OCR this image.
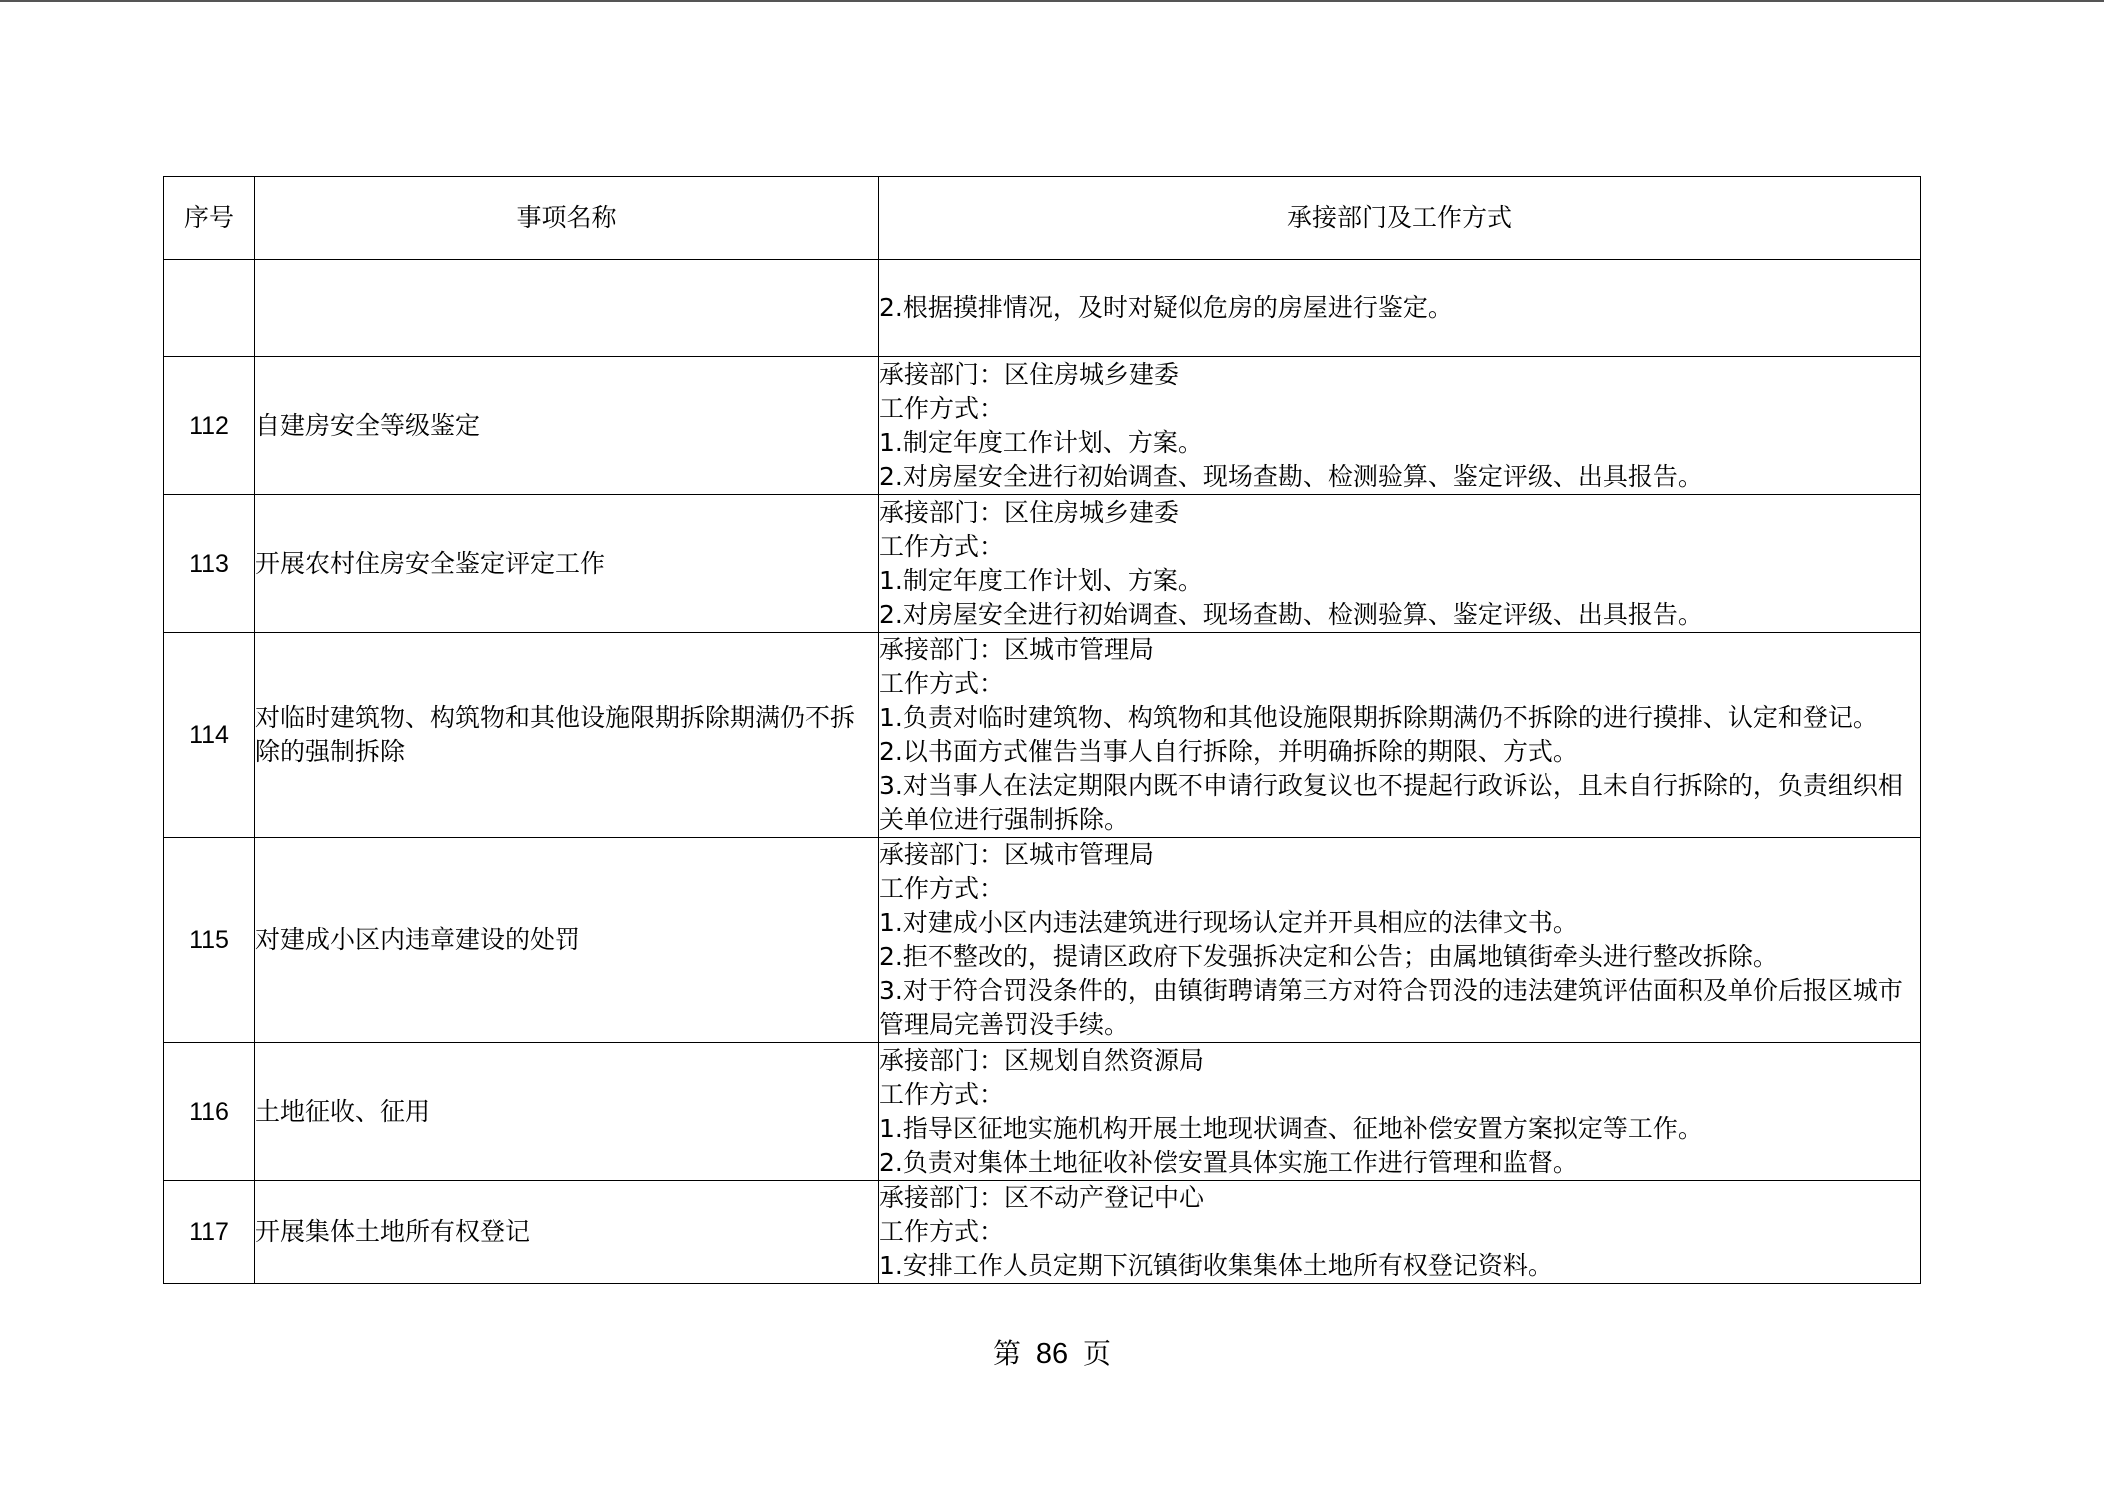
序号	事项名称	承接部门及工作方式

		2.根据摸排情况，及时对疑似危房的房屋进行鉴定。

112	自建房安全等级鉴定	承接部门：区住房城乡建委
工作方式：
1.制定年度工作计划、方案。
2.对房屋安全进行初始调查、现场查勘、检测验算、鉴定评级、出具报告。

113	开展农村住房安全鉴定评定工作	承接部门：区住房城乡建委
工作方式：
1.制定年度工作计划、方案。
2.对房屋安全进行初始调查、现场查勘、检测验算、鉴定评级、出具报告。

114	对临时建筑物、构筑物和其他设施限期拆除期满仍不拆除的强制拆除	承接部门：区城市管理局
工作方式：
1.负责对临时建筑物、构筑物和其他设施限期拆除期满仍不拆除的进行摸排、认定和登记。
2.以书面方式催告当事人自行拆除，并明确拆除的期限、方式。
3.对当事人在法定期限内既不申请行政复议也不提起行政诉讼，且未自行拆除的，负责组织相关单位进行强制拆除。

115	对建成小区内违章建设的处罚	承接部门：区城市管理局
工作方式：
1.对建成小区内违法建筑进行现场认定并开具相应的法律文书。
2.拒不整改的，提请区政府下发强拆决定和公告；由属地镇街牵头进行整改拆除。
3.对于符合罚没条件的，由镇街聘请第三方对符合罚没的违法建筑评估面积及单价后报区城市管理局完善罚没手续。

116	土地征收、征用	承接部门：区规划自然资源局
工作方式：
1.指导区征地实施机构开展土地现状调查、征地补偿安置方案拟定等工作。
2.负责对集体土地征收补偿安置具体实施工作进行管理和监督。

117	开展集体土地所有权登记	承接部门：区不动产登记中心
工作方式：
1.安排工作人员定期下沉镇街收集集体土地所有权登记资料。
第 86 页
